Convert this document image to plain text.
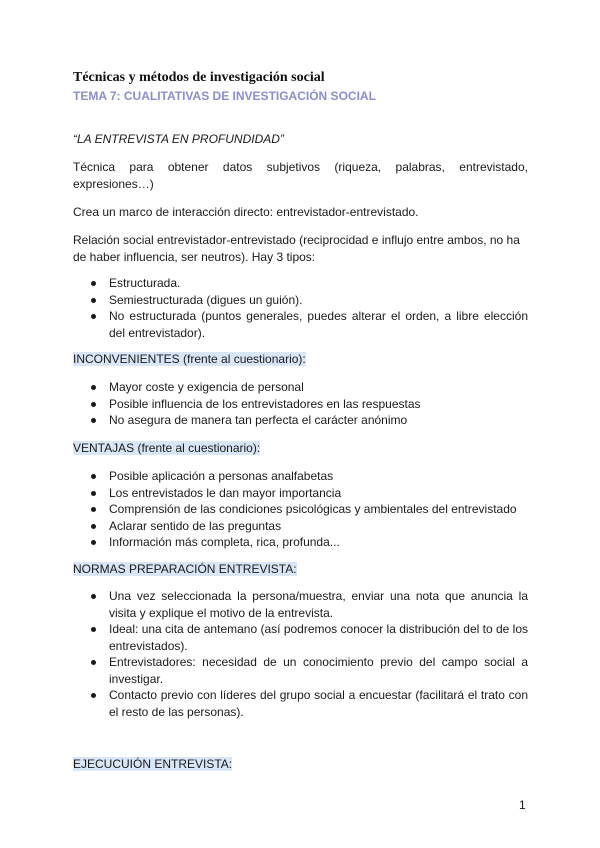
Técnicas y métodos de investigación social
TEMA 7: CUALITATIVAS DE INVESTIGACIÓN SOCIAL
“LA ENTREVISTA EN PROFUNDIDAD”
Técnica para obtener datos subjetivos (riqueza, palabras, entrevistado, expresiones…)
Crea un marco de interacción directo: entrevistador-entrevistado.
Relación social entrevistador-entrevistado (reciprocidad e influjo entre ambos, no ha de haber influencia, ser neutros). Hay 3 tipos:
Estructurada.
Semiestructurada (digues un guión).
No estructurada (puntos generales, puedes alterar el orden, a libre elección del entrevistador).
INCONVENIENTES (frente al cuestionario):
Mayor coste y exigencia de personal
Posible influencia de los entrevistadores en las respuestas
No asegura de manera tan perfecta el carácter anónimo
VENTAJAS (frente al cuestionario):
Posible aplicación a personas analfabetas
Los entrevistados le dan mayor importancia
Comprensión de las condiciones psicológicas y ambientales del entrevistado
Aclarar sentido de las preguntas
Información más completa, rica, profunda...
NORMAS PREPARACIÓN ENTREVISTA:
Una vez seleccionada la persona/muestra, enviar una nota que anuncia la visita y explique el motivo de la entrevista.
Ideal: una cita de antemano (así podremos conocer la distribución del to de los entrevistados).
Entrevistadores: necesidad de un conocimiento previo del campo social a investigar.
Contacto previo con líderes del grupo social a encuestar (facilitará el trato con el resto de las personas).
EJECUCUIÓN ENTREVISTA:
1
